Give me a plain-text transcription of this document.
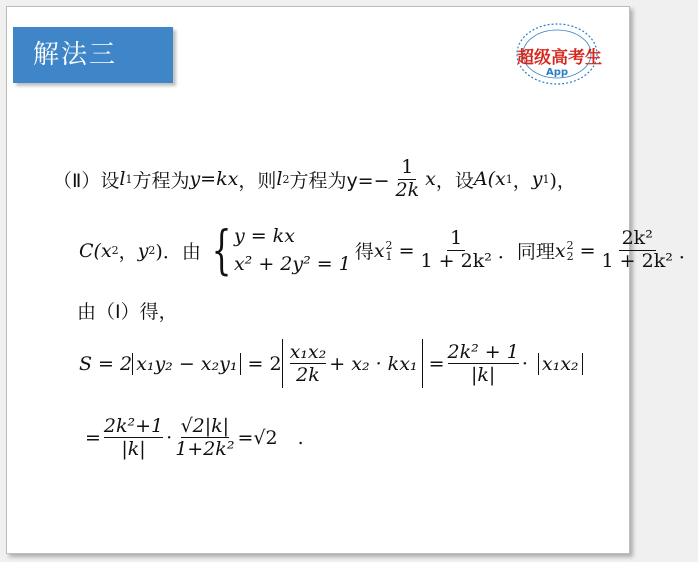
解法三	超级高考生
App
（Ⅱ）设 l 1 方程为 y=kx ，则 l 2 方程为$y=- \frac{1}{2k}$ x ，设 A(x 1 ， y 1 )，
C(x 2 ， y 2 )． 由 { y = kx
x² + 2y² = 1
得 x 2
$1 = \frac{1}{\text{1 + 2k²}}$ ． 同理 x 2
$2 = \frac{\text{2k²}}{\text{1 + 2k²}}$ ．
由（Ⅰ）得，
S = 2 x₁y₂ − x₂y₁
= $2 \frac{\text{x₁x₂}}{2k} + x_2 \cdot kx_1$
= $\frac{\text{2k² + 1}}{|k|} \cdot x_1x_2$
= $\frac{\text{2k²+1}}{|k|} \cdot \frac{√2|k|}{\text{1+2k²}} =√2$ .
